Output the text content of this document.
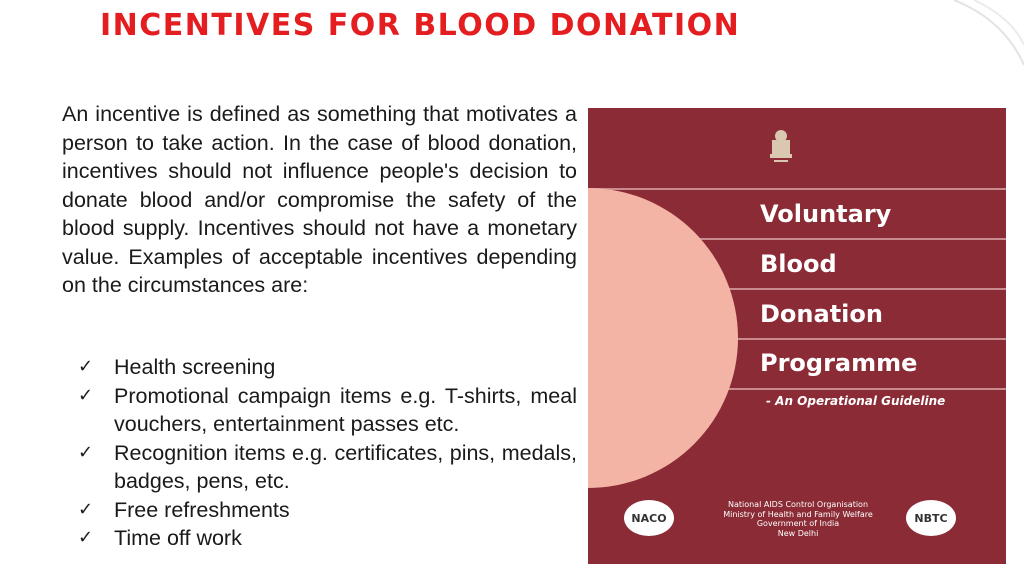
INCENTIVES FOR BLOOD DONATION

An incentive is defined as something that motivates a person to take action. In the case of blood donation, incentives should not influence people's decision to donate blood and/or compromise the safety of the blood supply. Incentives should not have a monetary value. Examples of acceptable incentives depending on the circumstances are:

✓ Health screening
✓ Promotional campaign items e.g. T-shirts, meal vouchers, entertainment passes etc.
✓ Recognition items e.g. certificates, pins, medals, badges, pens, etc.
✓ Free refreshments
✓ Time off work

Voluntary

Blood

Donation

Programme

- An Operational Guideline

NACO	NBTC
National AIDS Control Organisation
Ministry of Health and Family Welfare
Government of India
New Delhi
